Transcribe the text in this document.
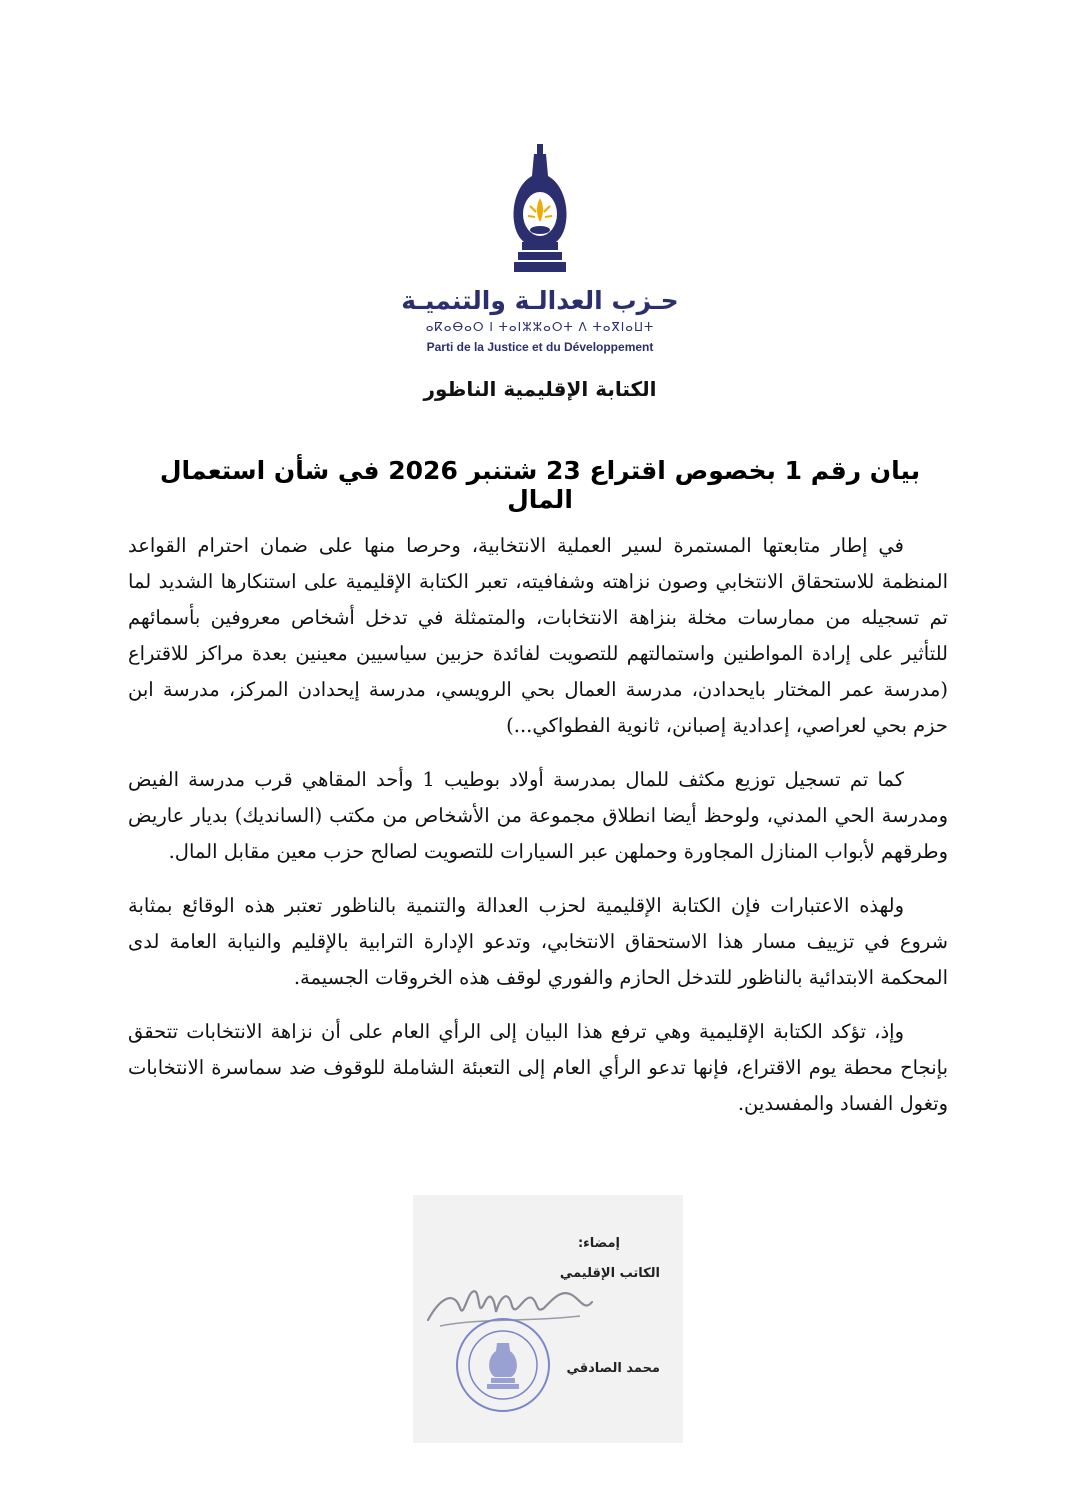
حـزب العدالـة والتنميـة
ⴰⴽⴰⴱⴰⵔ ⵏ ⵜⴰⵏⵣⵣⴰⵔⵜ ⴷ ⵜⴰⴳⵏⴰⵡⵜ
Parti de la Justice et du Développement
الكتابة الإقليمية الناظور
بيان رقم 1 بخصوص اقتراع 23 شتنبر 2026 في شأن استعمال المال

في إطار متابعتها المستمرة لسير العملية الانتخابية، وحرصا منها على ضمان احترام القواعد المنظمة للاستحقاق الانتخابي وصون نزاهته وشفافيته، تعبر الكتابة الإقليمية على استنكارها الشديد لما تم تسجيله من ممارسات مخلة بنزاهة الانتخابات، والمتمثلة في تدخل أشخاص معروفين بأسمائهم للتأثير على إرادة المواطنين واستمالتهم للتصويت لفائدة حزبين سياسيين معينين بعدة مراكز للاقتراع (مدرسة عمر المختار بايحدادن، مدرسة العمال بحي الرويسي، مدرسة إيحدادن المركز، مدرسة ابن حزم بحي لعراصي، إعدادية إصبانن، ثانوية الفطواكي...)

كما تم تسجيل توزيع مكثف للمال بمدرسة أولاد بوطيب 1 وأحد المقاهي قرب مدرسة الفيض ومدرسة الحي المدني، ولوحظ أيضا انطلاق مجموعة من الأشخاص من مكتب (السانديك) بديار عاريض وطرقهم لأبواب المنازل المجاورة وحملهن عبر السيارات للتصويت لصالح حزب معين مقابل المال.

ولهذه الاعتبارات فإن الكتابة الإقليمية لحزب العدالة والتنمية بالناظور تعتبر هذه الوقائع بمثابة شروع في تزييف مسار هذا الاستحقاق الانتخابي، وتدعو الإدارة الترابية بالإقليم والنيابة العامة لدى المحكمة الابتدائية بالناظور للتدخل الحازم والفوري لوقف هذه الخروقات الجسيمة.

وإذ، تؤكد الكتابة الإقليمية وهي ترفع هذا البيان إلى الرأي العام على أن نزاهة الانتخابات تتحقق بإنجاح محطة يوم الاقتراع، فإنها تدعو الرأي العام إلى التعبئة الشاملة للوقوف ضد سماسرة الانتخابات وتغول الفساد والمفسدين.

إمضاء:
الكاتب الإقليمي
محمد الصادقي
